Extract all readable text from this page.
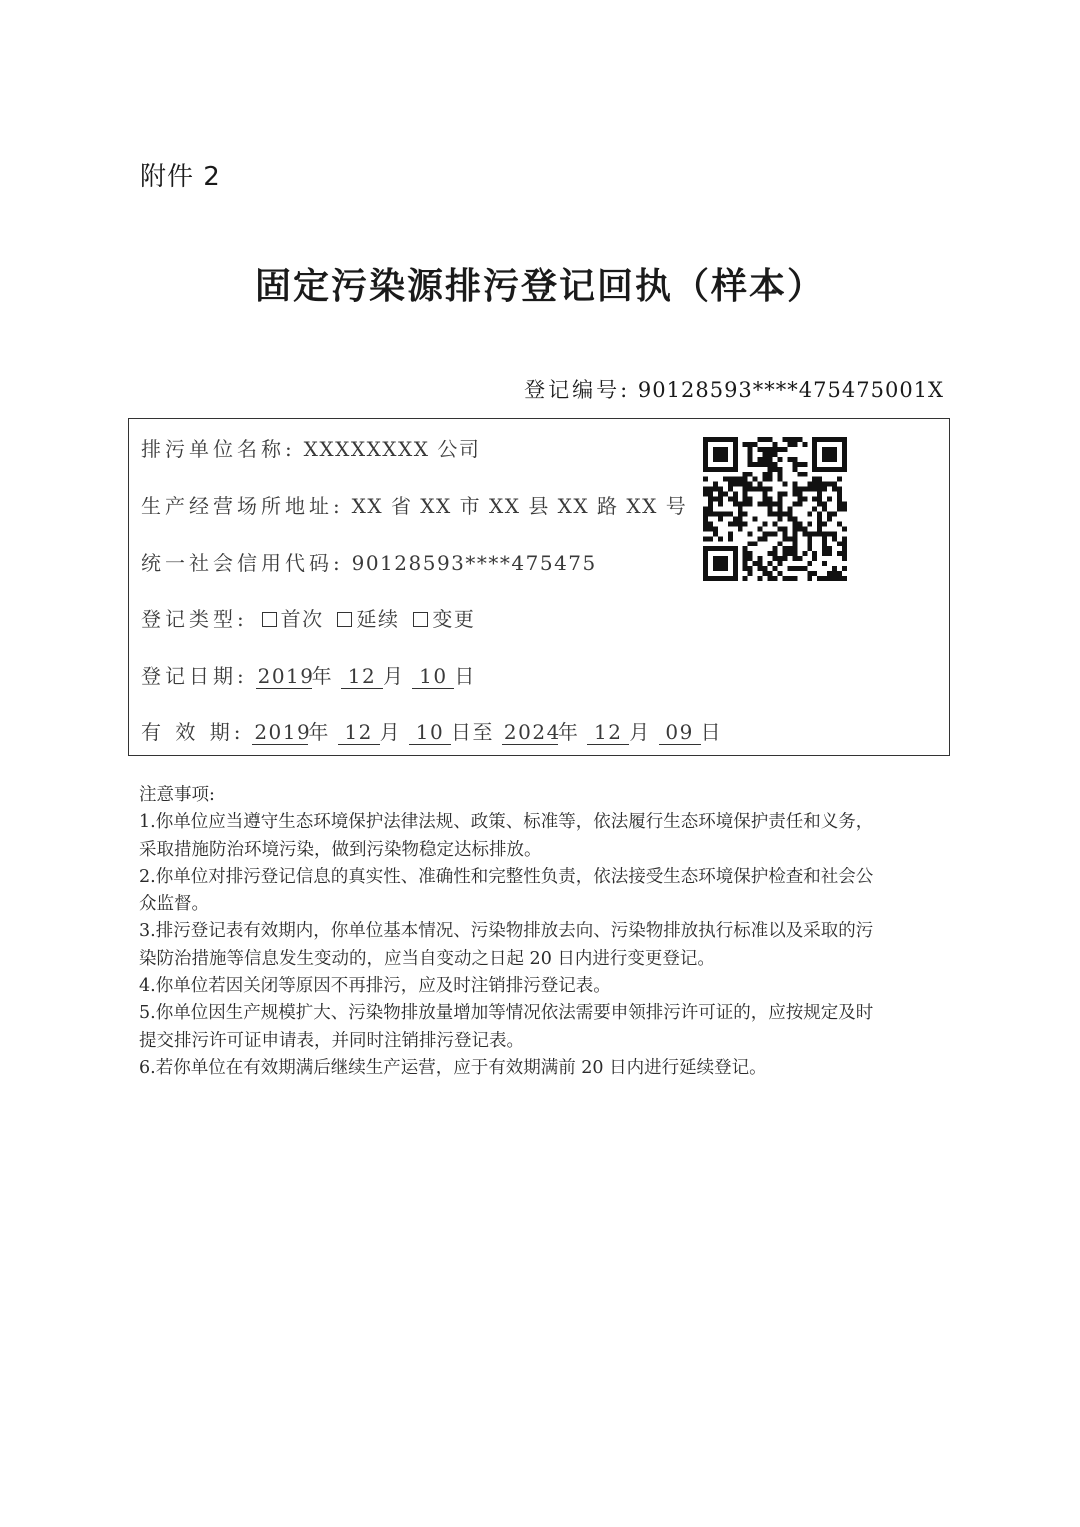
附件 2
固定污染源排污登记回执（样本）
登记编号: 90128593****475475001X
排污单位名称: XXXXXXXX 公司
生产经营场所地址: XX 省 XX 市 XX 县 XX 路 XX 号
统一社会信用代码: 90128593****475475
登记类型: 首次 延续 变更
登记日期: 2019年 12 月 10 日
有 效 期: 2019年 12 月 10 日至 2024年 12 月 09 日

注意事项:

1.你单位应当遵守生态环境保护法律法规、政策、标准等，依法履行生态环境保护责任和义务，

采取措施防治环境污染，做到污染物稳定达标排放。

2.你单位对排污登记信息的真实性、准确性和完整性负责，依法接受生态环境保护检查和社会公

众监督。

3.排污登记表有效期内，你单位基本情况、污染物排放去向、污染物排放执行标准以及采取的污

染防治措施等信息发生变动的，应当自变动之日起 20 日内进行变更登记。

4.你单位若因关闭等原因不再排污，应及时注销排污登记表。

5.你单位因生产规模扩大、污染物排放量增加等情况依法需要申领排污许可证的，应按规定及时

提交排污许可证申请表，并同时注销排污登记表。

6.若你单位在有效期满后继续生产运营，应于有效期满前 20 日内进行延续登记。
